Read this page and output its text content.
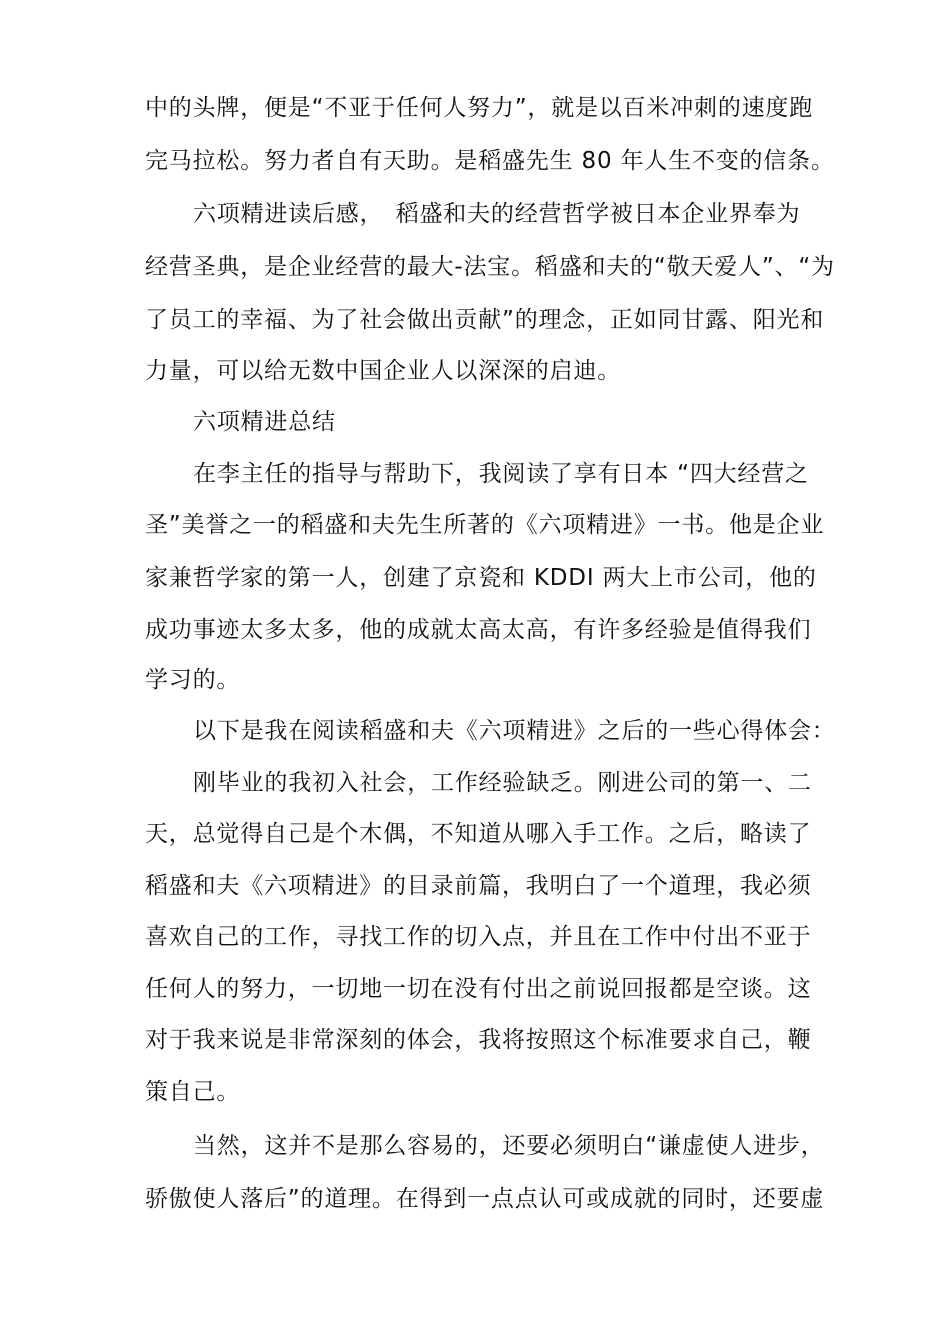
中的头牌，便是“不亚于任何人努力”，就是以百米冲刺的速度跑
完马拉松。努力者自有天助。是稻盛先生 80 年人生不变的信条。
六项精进读后感，　稻盛和夫的经营哲学被日本企业界奉为
经营圣典，是企业经营的最大-法宝。稻盛和夫的“敬天爱人”、“为
了员工的幸福、为了社会做出贡献”的理念，正如同甘露、阳光和
力量，可以给无数中国企业人以深深的启迪。
六项精进总结
在李主任的指导与帮助下，我阅读了享有日本 “四大经营之
圣”美誉之一的稻盛和夫先生所著的《六项精进》一书。他是企业
家兼哲学家的第一人，创建了京瓷和 KDDI 两大上市公司，他的
成功事迹太多太多，他的成就太高太高，有许多经验是值得我们
学习的。
以下是我在阅读稻盛和夫《六项精进》之后的一些心得体会：
刚毕业的我初入社会，工作经验缺乏。刚进公司的第一、二
天，总觉得自己是个木偶，不知道从哪入手工作。之后，略读了
稻盛和夫《六项精进》的目录前篇，我明白了一个道理，我必须
喜欢自己的工作，寻找工作的切入点，并且在工作中付出不亚于
任何人的努力，一切地一切在没有付出之前说回报都是空谈。这
对于我来说是非常深刻的体会，我将按照这个标准要求自己，鞭
策自己。
当然，这并不是那么容易的，还要必须明白“谦虚使人进步，
骄傲使人落后”的道理。在得到一点点认可或成就的同时，还要虚
